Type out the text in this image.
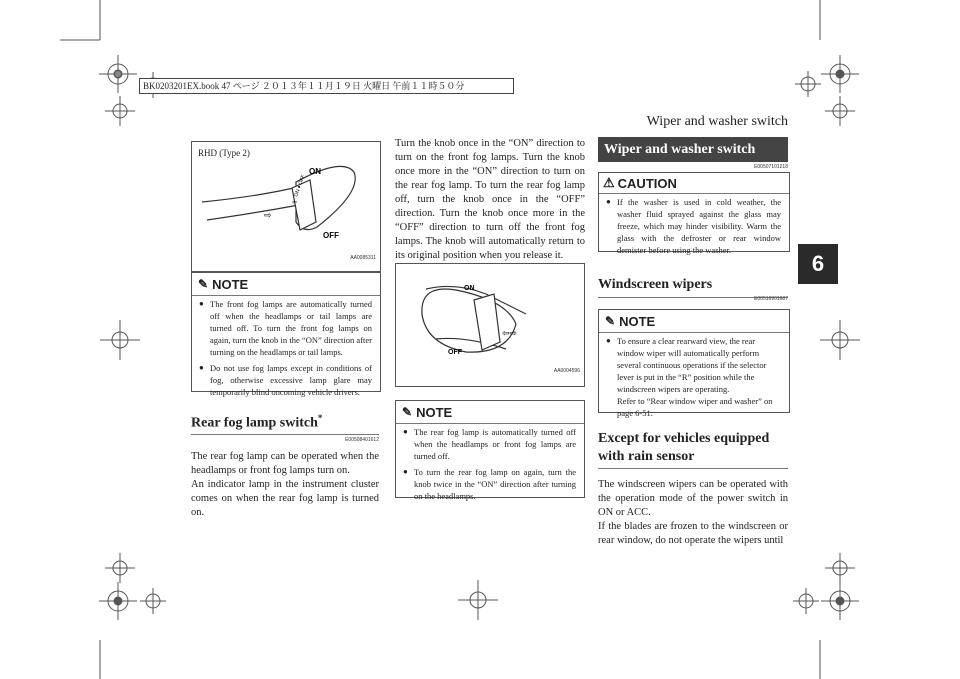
BK0203201EX.book 47 ページ ２０１３年１１月１９日 火曜日 午前１１時５０分
Wiper and washer switch
6
RHD (Type 2)
ON
OFF
⇦
ON ♦ OFF
⇨
AA0085311
✎ NOTE
● The front fog lamps are automatically turned off when the headlamps or tail lamps are turned off. To turn the front fog lamps on again, turn the knob in the “ON” direction after turning on the headlamps or tail lamps.
● Do not use fog lamps except in conditions of fog, otherwise excessive lamp glare may temporarily blind oncoming vehicle drivers.
Rear fog lamp switch*
E00508401612
The rear fog lamp can be operated when the headlamps or front fog lamps turn on.
An indicator lamp in the instrument cluster comes on when the rear fog lamp is turned on.
Turn the knob once in the “ON” direction to turn on the front fog lamps. Turn the knob once more in the “ON” direction to turn on the rear fog lamp. To turn the rear fog lamp off, turn the knob once in the “OFF” direction. Turn the knob once more in the “OFF” direction to turn off the front fog lamps. The knob will automatically return to its original position when you release it.
ON
OFF
⇦⇨
AA0004596
✎ NOTE
● The rear fog lamp is automatically turned off when the headlamps or front fog lamps are turned off.
● To turn the rear fog lamp on again, turn the knob twice in the “ON” direction after turning on the headlamps.
Wiper and washer switch
E00507101218
⚠ CAUTION
● If the washer is used in cold weather, the washer fluid sprayed against the glass may freeze, which may hinder visibility. Warm the glass with the defroster or rear window demister before using the washer.
Windscreen wipers
E00516901687
✎ NOTE
● To ensure a clear rearward view, the rear window wiper will automatically perform several continuous operations if the selector lever is put in the “R” position while the windscreen wipers are operating.
Refer to “Rear window wiper and washer” on page 6-51.
Except for vehicles equipped with rain sensor
The windscreen wipers can be operated with the operation mode of the power switch in ON or ACC.
If the blades are frozen to the windscreen or rear window, do not operate the wipers until
